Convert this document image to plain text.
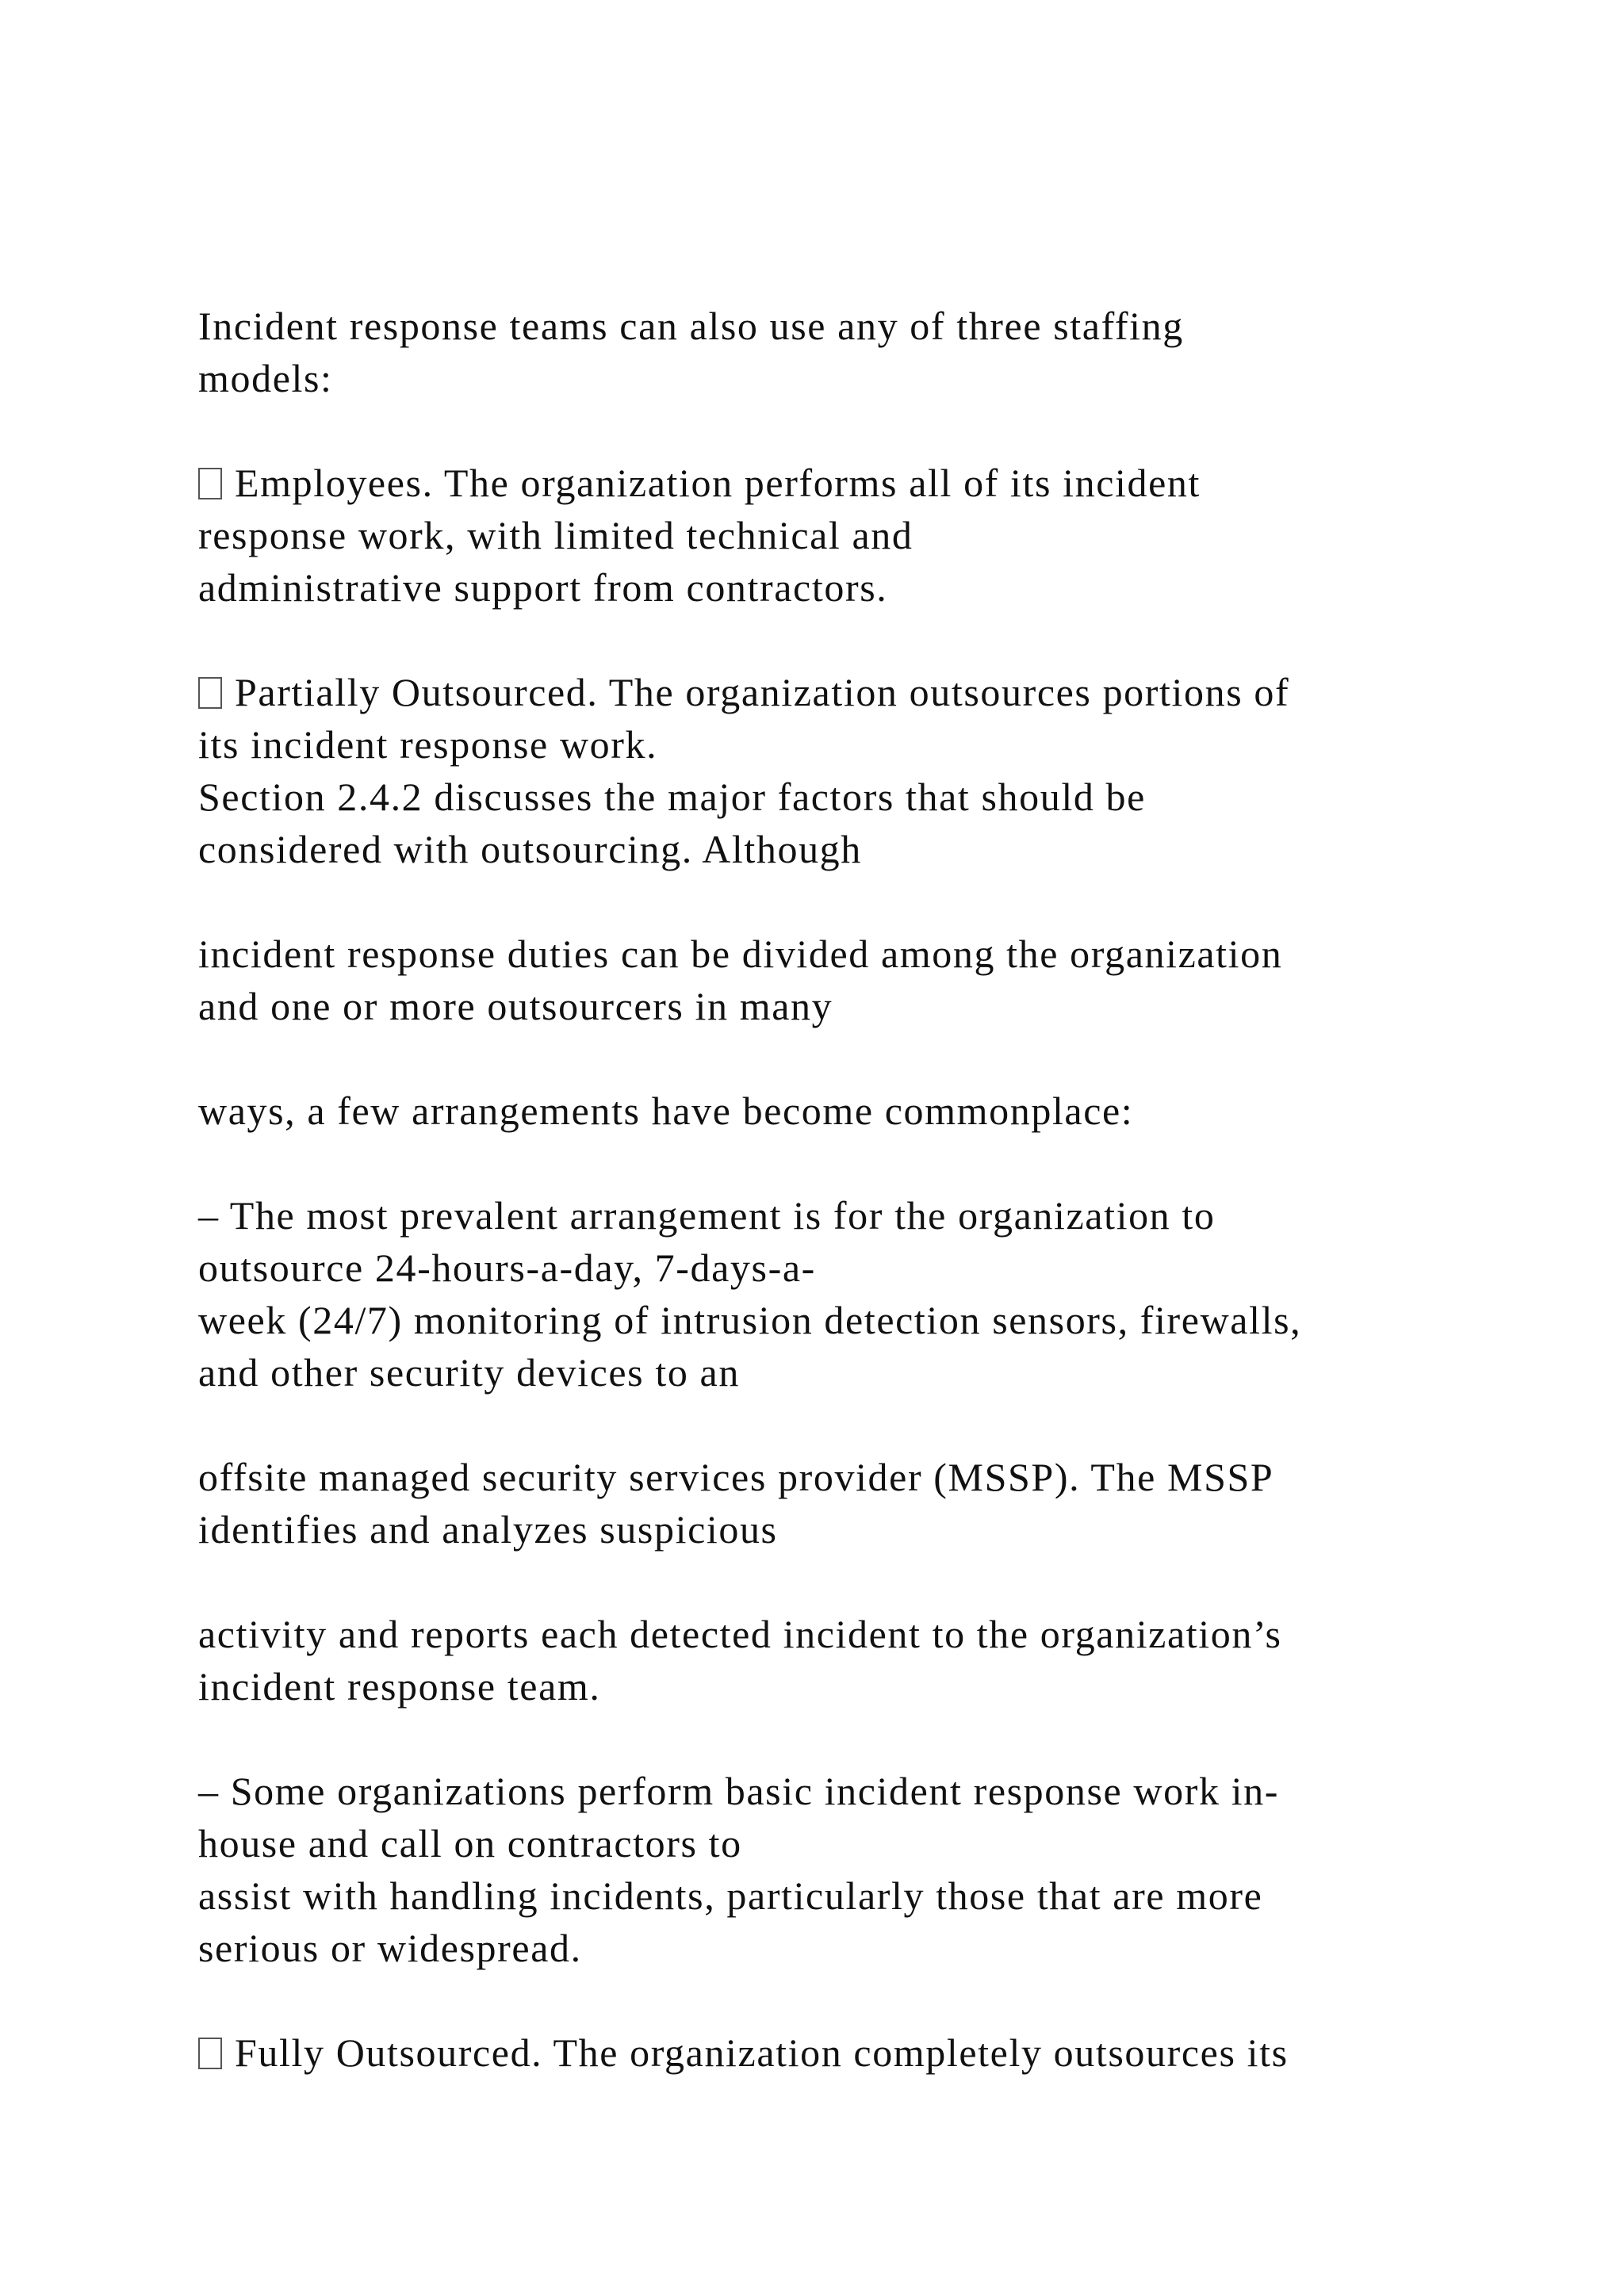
Incident response teams can also use any of three staffing
models:
Employees. The organization performs all of its incident
response work, with limited technical and
administrative support from contractors.
Partially Outsourced. The organization outsources portions of
its incident response work.
Section 2.4.2 discusses the major factors that should be
considered with outsourcing. Although
incident response duties can be divided among the organization
and one or more outsourcers in many
ways, a few arrangements have become commonplace:
– The most prevalent arrangement is for the organization to
outsource 24-hours-a-day, 7-days-a-
week (24/7) monitoring of intrusion detection sensors, firewalls,
and other security devices to an
offsite managed security services provider (MSSP). The MSSP
identifies and analyzes suspicious
activity and reports each detected incident to the organization’s
incident response team.
– Some organizations perform basic incident response work in-
house and call on contractors to
assist with handling incidents, particularly those that are more
serious or widespread.
Fully Outsourced. The organization completely outsources its
